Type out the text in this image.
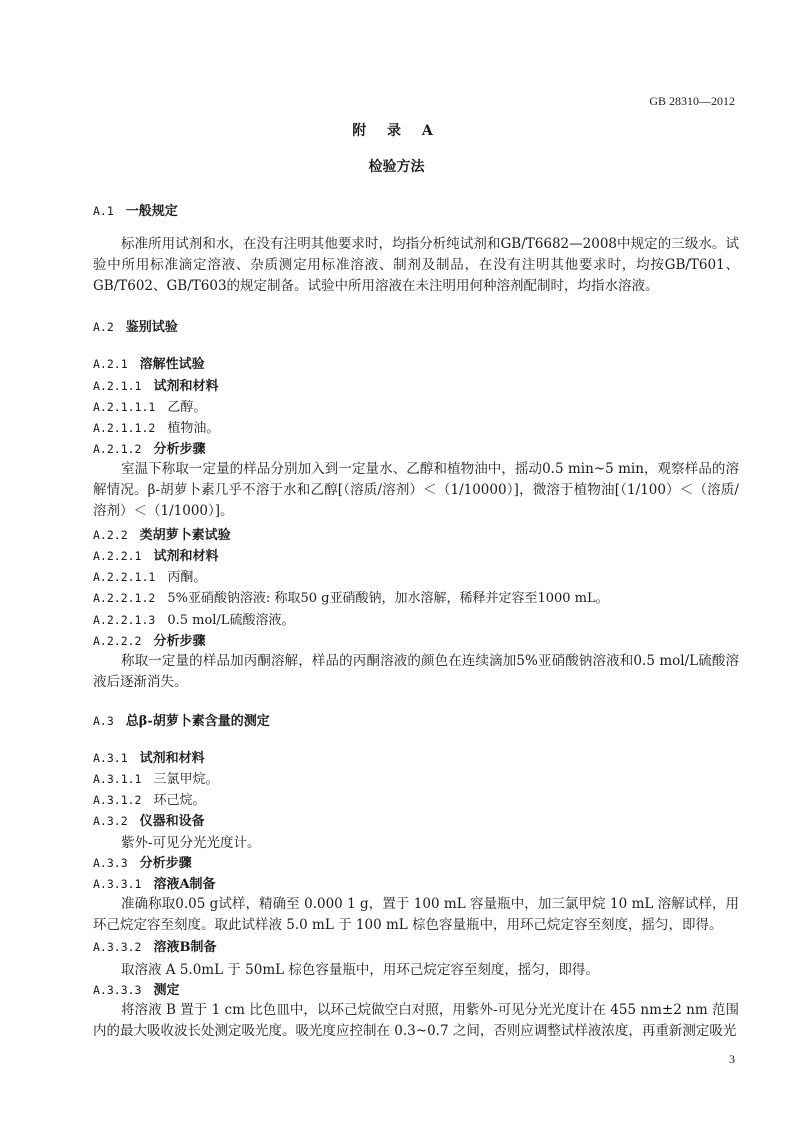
GB 28310—2012
附 录 A
检验方法
A.1 一般规定
标准所用试剂和水，在没有注明其他要求时，均指分析纯试剂和GB/T6682—2008中规定的三级水。试验中所用标准滴定溶液、杂质测定用标准溶液、制剂及制品，在没有注明其他要求时，均按GB/T601、GB/T602、GB/T603的规定制备。试验中所用溶液在未注明用何种溶剂配制时，均指水溶液。
A.2 鉴别试验
A.2.1 溶解性试验
A.2.1.1 试剂和材料
A.2.1.1.1 乙醇。
A.2.1.1.2 植物油。
A.2.1.2 分析步骤
室温下称取一定量的样品分别加入到一定量水、乙醇和植物油中，摇动0.5 min~5 min，观察样品的溶解情况。β-胡萝卜素几乎不溶于水和乙醇[（溶质/溶剂）＜（1/10000）]，微溶于植物油[（1/100）＜（溶质/溶剂）＜（1/1000）]。
A.2.2 类胡萝卜素试验
A.2.2.1 试剂和材料
A.2.2.1.1 丙酮。
A.2.2.1.2 5%亚硝酸钠溶液: 称取50 g亚硝酸钠，加水溶解，稀释并定容至1000 mL。
A.2.2.1.3 0.5 mol/L硫酸溶液。
A.2.2.2 分析步骤
称取一定量的样品加丙酮溶解，样品的丙酮溶液的颜色在连续滴加5%亚硝酸钠溶液和0.5 mol/L硫酸溶液后逐渐消失。
A.3 总β-胡萝卜素含量的测定
A.3.1 试剂和材料
A.3.1.1 三氯甲烷。
A.3.1.2 环己烷。
A.3.2 仪器和设备
紫外-可见分光光度计。
A.3.3 分析步骤
A.3.3.1 溶液A制备
准确称取0.05 g试样，精确至 0.000 1 g，置于 100 mL 容量瓶中，加三氯甲烷 10 mL 溶解试样，用环己烷定容至刻度。取此试样液 5.0 mL 于 100 mL 棕色容量瓶中，用环己烷定容至刻度，摇匀，即得。
A.3.3.2 溶液B制备
取溶液 A 5.0mL 于 50mL 棕色容量瓶中，用环己烷定容至刻度，摇匀，即得。
A.3.3.3 测定
将溶液 B 置于 1 cm 比色皿中，以环己烷做空白对照，用紫外-可见分光光度计在 455 nm±2 nm 范围内的最大吸收波长处测定吸光度。吸光度应控制在 0.3~0.7 之间，否则应调整试样液浓度，再重新测定吸光
3
